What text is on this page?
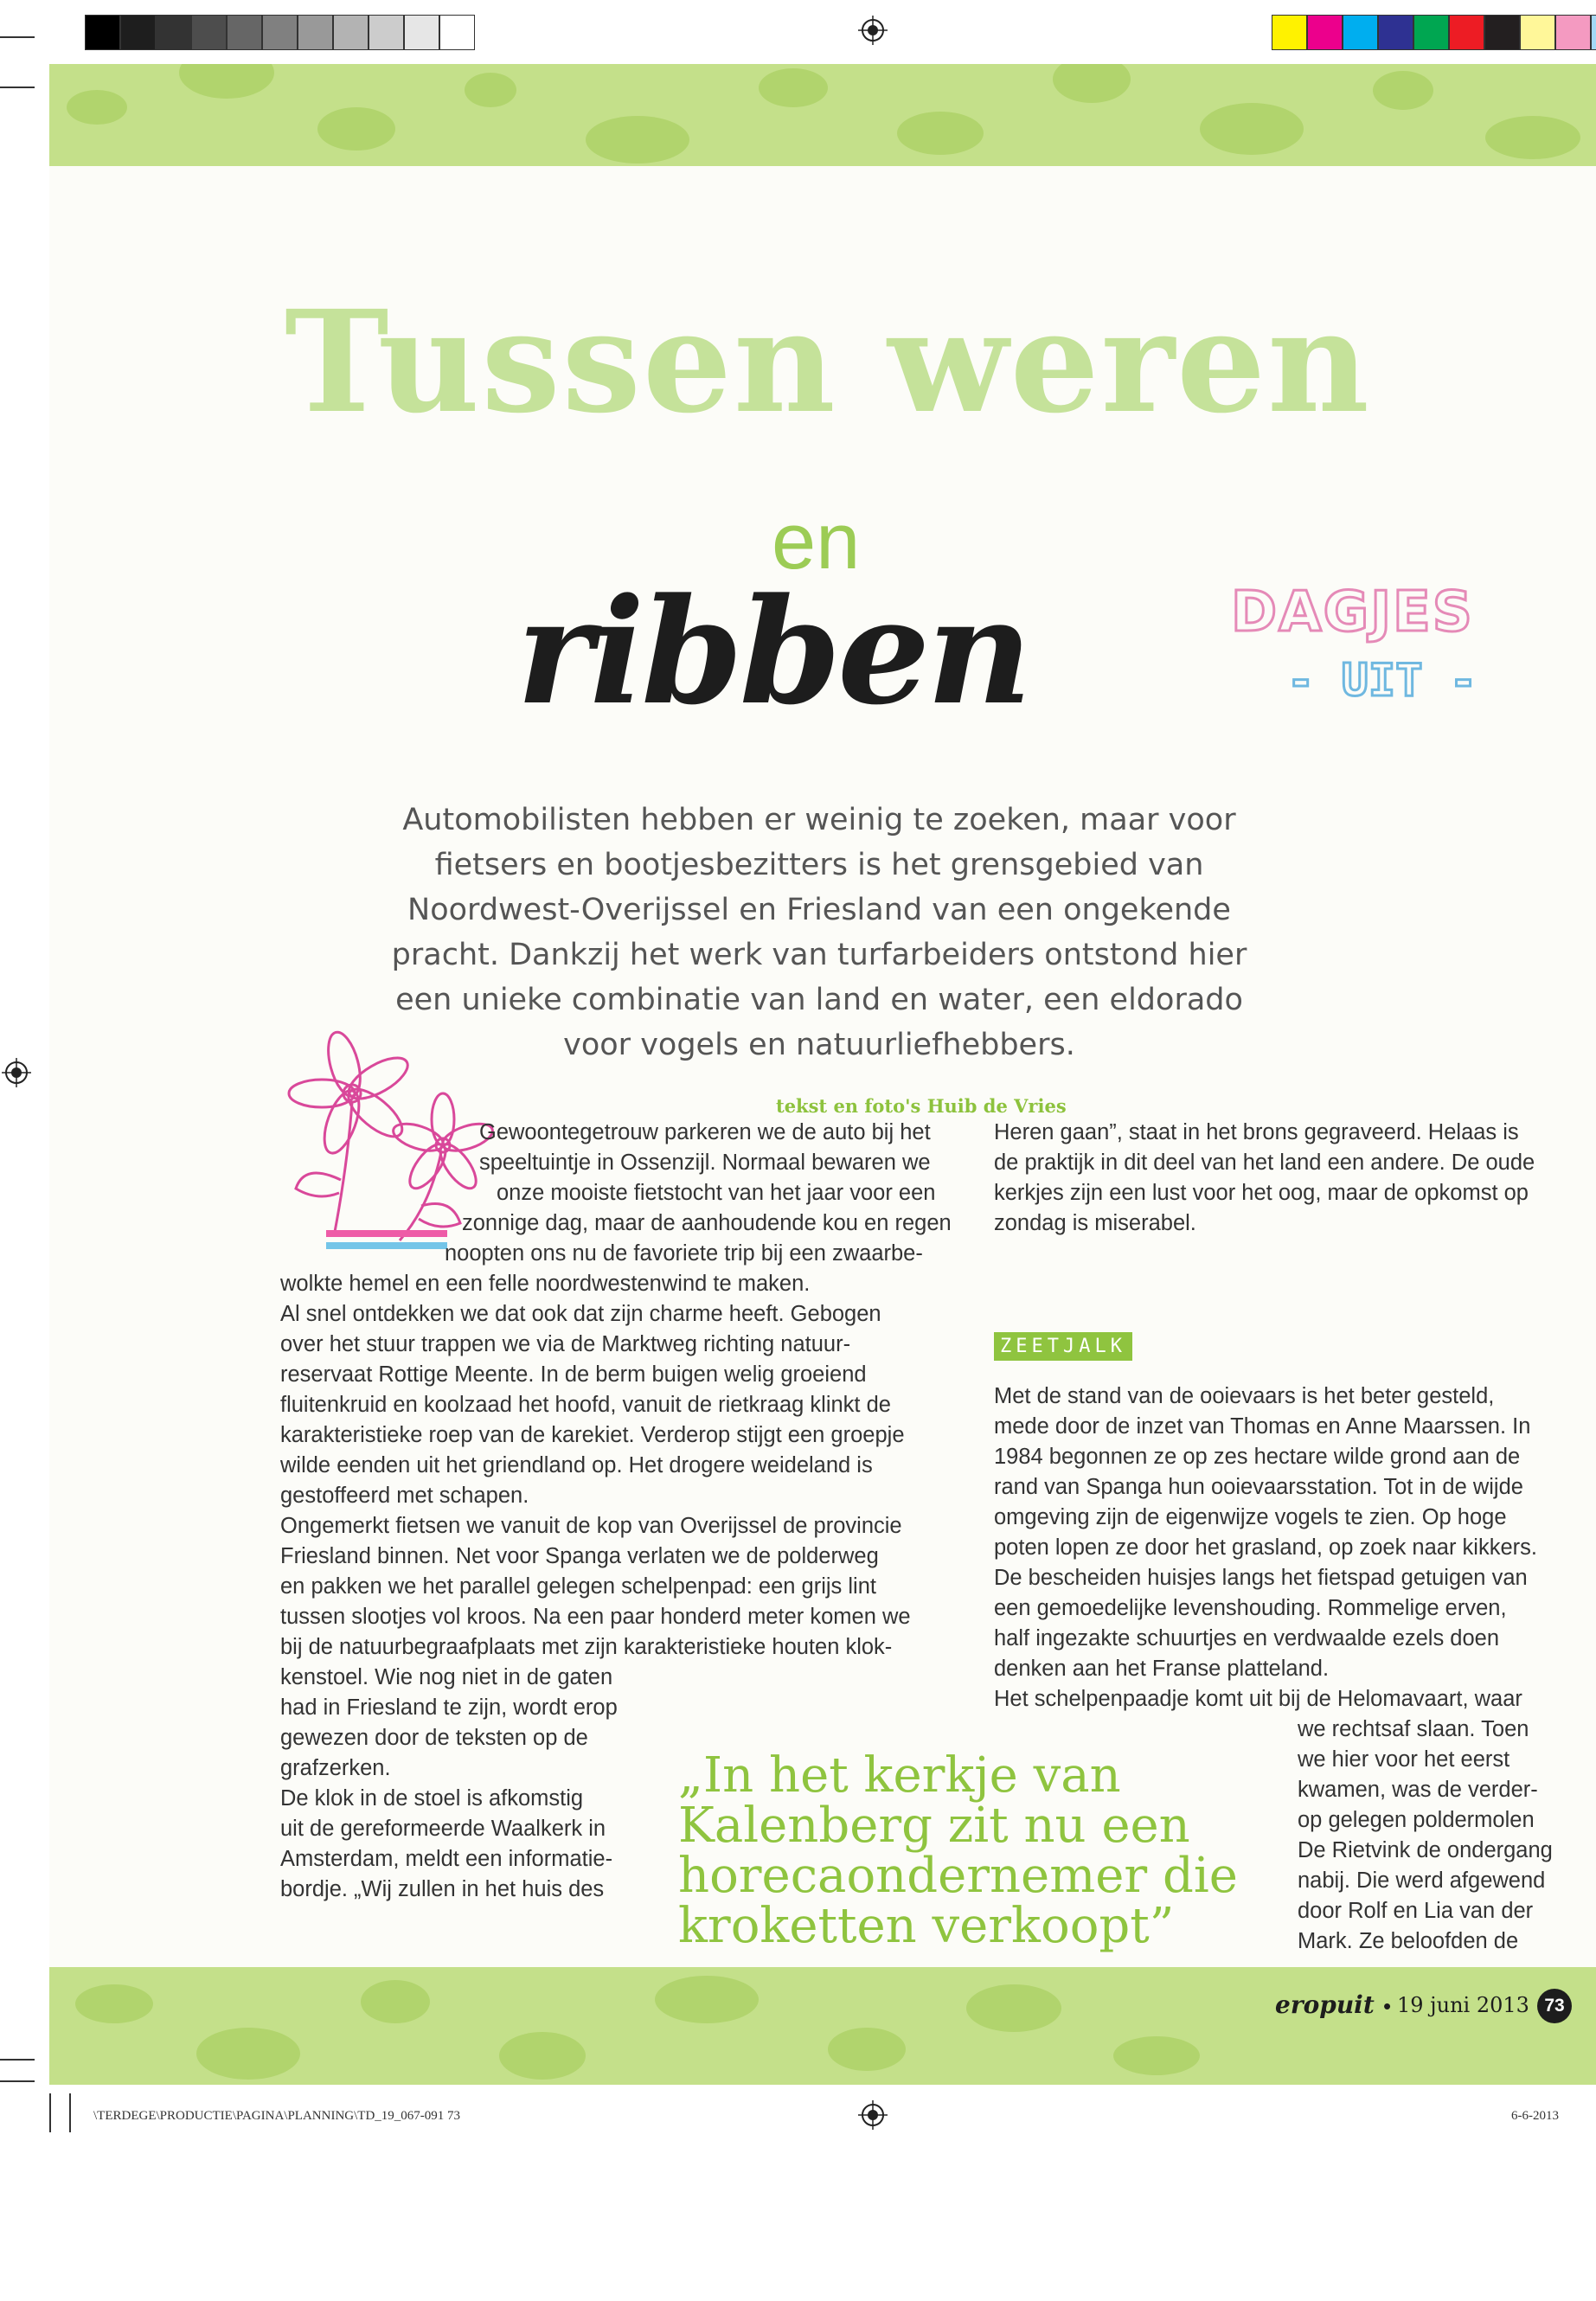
Tussen weren
en
ribben	DAGJES
- UIT -
Automobilisten hebben er weinig te zoeken, maar voor fietsers en bootjesbezitters is het grensgebied van Noordwest-Overijssel en Friesland van een ongekende pracht. Dankzij het werk van turfarbeiders ontstond hier een unieke combinatie van land en water, een eldorado voor vogels en natuurliefhebbers.
tekst en foto's Huib de Vries
Gewoontegetrouw parkeren we de auto bij het
speeltuintje in Ossenzijl. Normaal bewaren we
onze mooiste fietstocht van het jaar voor een
zonnige dag, maar de aanhoudende kou en regen
noopten ons nu de favoriete trip bij een zwaarbe-
wolkte hemel en een felle noordwestenwind te maken.
Al snel ontdekken we dat ook dat zijn charme heeft. Gebogen
over het stuur trappen we via de Marktweg richting natuur-
reservaat Rottige Meente. In de berm buigen welig groeiend
fluitenkruid en koolzaad het hoofd, vanuit de rietkraag klinkt de
karakteristieke roep van de karekiet. Verderop stijgt een groepje
wilde eenden uit het griendland op. Het drogere weideland is
gestoffeerd met schapen.
Ongemerkt fietsen we vanuit de kop van Overijssel de provincie
Friesland binnen. Net voor Spanga verlaten we de polderweg
en pakken we het parallel gelegen schelpenpad: een grijs lint
tussen slootjes vol kroos. Na een paar honderd meter komen we
bij de natuurbegraafplaats met zijn karakteristieke houten klok-
kenstoel. Wie nog niet in de gaten
had in Friesland te zijn, wordt erop
gewezen door de teksten op de
grafzerken.
De klok in de stoel is afkomstig
uit de gereformeerde Waalkerk in
Amsterdam, meldt een informatie-
bordje. „Wij zullen in het huis des
Heren gaan”, staat in het brons gegraveerd. Helaas is
de praktijk in dit deel van het land een andere. De oude
kerkjes zijn een lust voor het oog, maar de opkomst op
zondag is miserabel.
ZEETJALK
Met de stand van de ooievaars is het beter gesteld,
mede door de inzet van Thomas en Anne Maarssen. In
1984 begonnen ze op zes hectare wilde grond aan de
rand van Spanga hun ooievaarsstation. Tot in de wijde
omgeving zijn de eigenwijze vogels te zien. Op hoge
poten lopen ze door het grasland, op zoek naar kikkers.
De bescheiden huisjes langs het fietspad getuigen van
een gemoedelijke levenshouding. Rommelige erven,
half ingezakte schuurtjes en verdwaalde ezels doen
denken aan het Franse platteland.
Het schelpenpaadje komt uit bij de Helomavaart, waar
we rechtsaf slaan. Toen
we hier voor het eerst
kwamen, was de verder-
op gelegen poldermolen
De Rietvink de ondergang
nabij. Die werd afgewend
door Rolf en Lia van der
Mark. Ze beloofden de
„In het kerkje van
Kalenberg zit nu een
horecaondernemer die
kroketten verkoopt”
eropuit • 19 juni 2013 73
\TERDEGE\PRODUCTIE\PAGINA\PLANNING\TD_19_067-091 73	6-6-2013
